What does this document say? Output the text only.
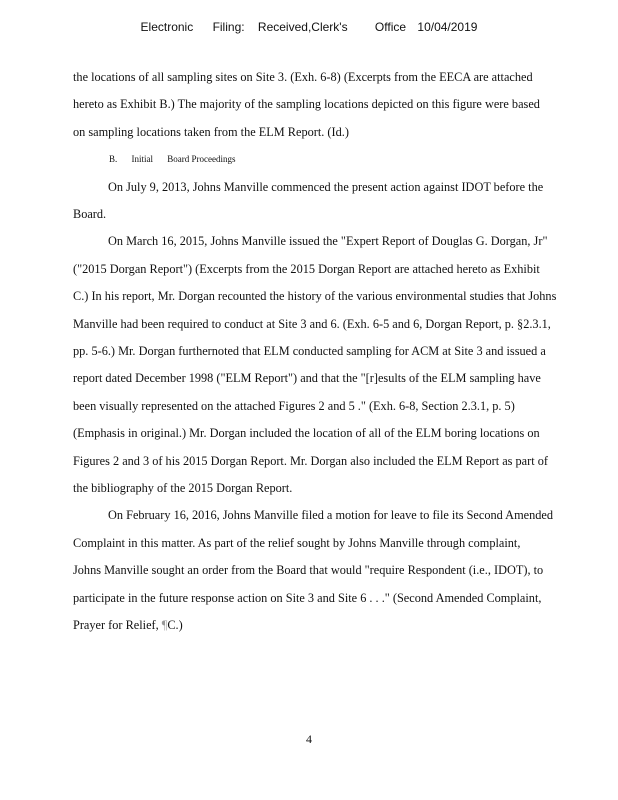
Electronic Filing: Received,Clerk's Office 10/04/2019

the locations of all sampling sites on Site 3. (Exh. 6-8) (Excerpts from the EECA are attached

hereto as Exhibit B.) The majority of the sampling locations depicted on this figure were based

on sampling locations taken from the ELM Report. (Id.)

B. Initial Board Proceedings

On July 9, 2013, Johns Manville commenced the present action against IDOT before the

Board.

On March 16, 2015, Johns Manville issued the "Expert Report of Douglas G. Dorgan, Jr"

("2015 Dorgan Report") (Excerpts from the 2015 Dorgan Report are attached hereto as Exhibit

C.) In his report, Mr. Dorgan recounted the history of the various environmental studies that Johns

Manville had been required to conduct at Site 3 and 6. (Exh. 6-5 and 6, Dorgan Report, p. §2.3.1,

pp. 5-6.) Mr. Dorgan furthernoted that ELM conducted sampling for ACM at Site 3 and issued a

report dated December 1998 ("ELM Report") and that the "[r]esults of the ELM sampling have

been visually represented on the attached Figures 2 and 5 ." (Exh. 6-8, Section 2.3.1, p. 5)

(Emphasis in original.) Mr. Dorgan included the location of all of the ELM boring locations on

Figures 2 and 3 of his 2015 Dorgan Report. Mr. Dorgan also included the ELM Report as part of

the bibliography of the 2015 Dorgan Report.

On February 16, 2016, Johns Manville filed a motion for leave to file its Second Amended

Complaint in this matter. As part of the relief sought by Johns Manville through complaint,

Johns Manville sought an order from the Board that would "require Respondent (i.e., IDOT), to

participate in the future response action on Site 3 and Site 6 . . ." (Second Amended Complaint,

Prayer for Relief, ¶C.)

4
